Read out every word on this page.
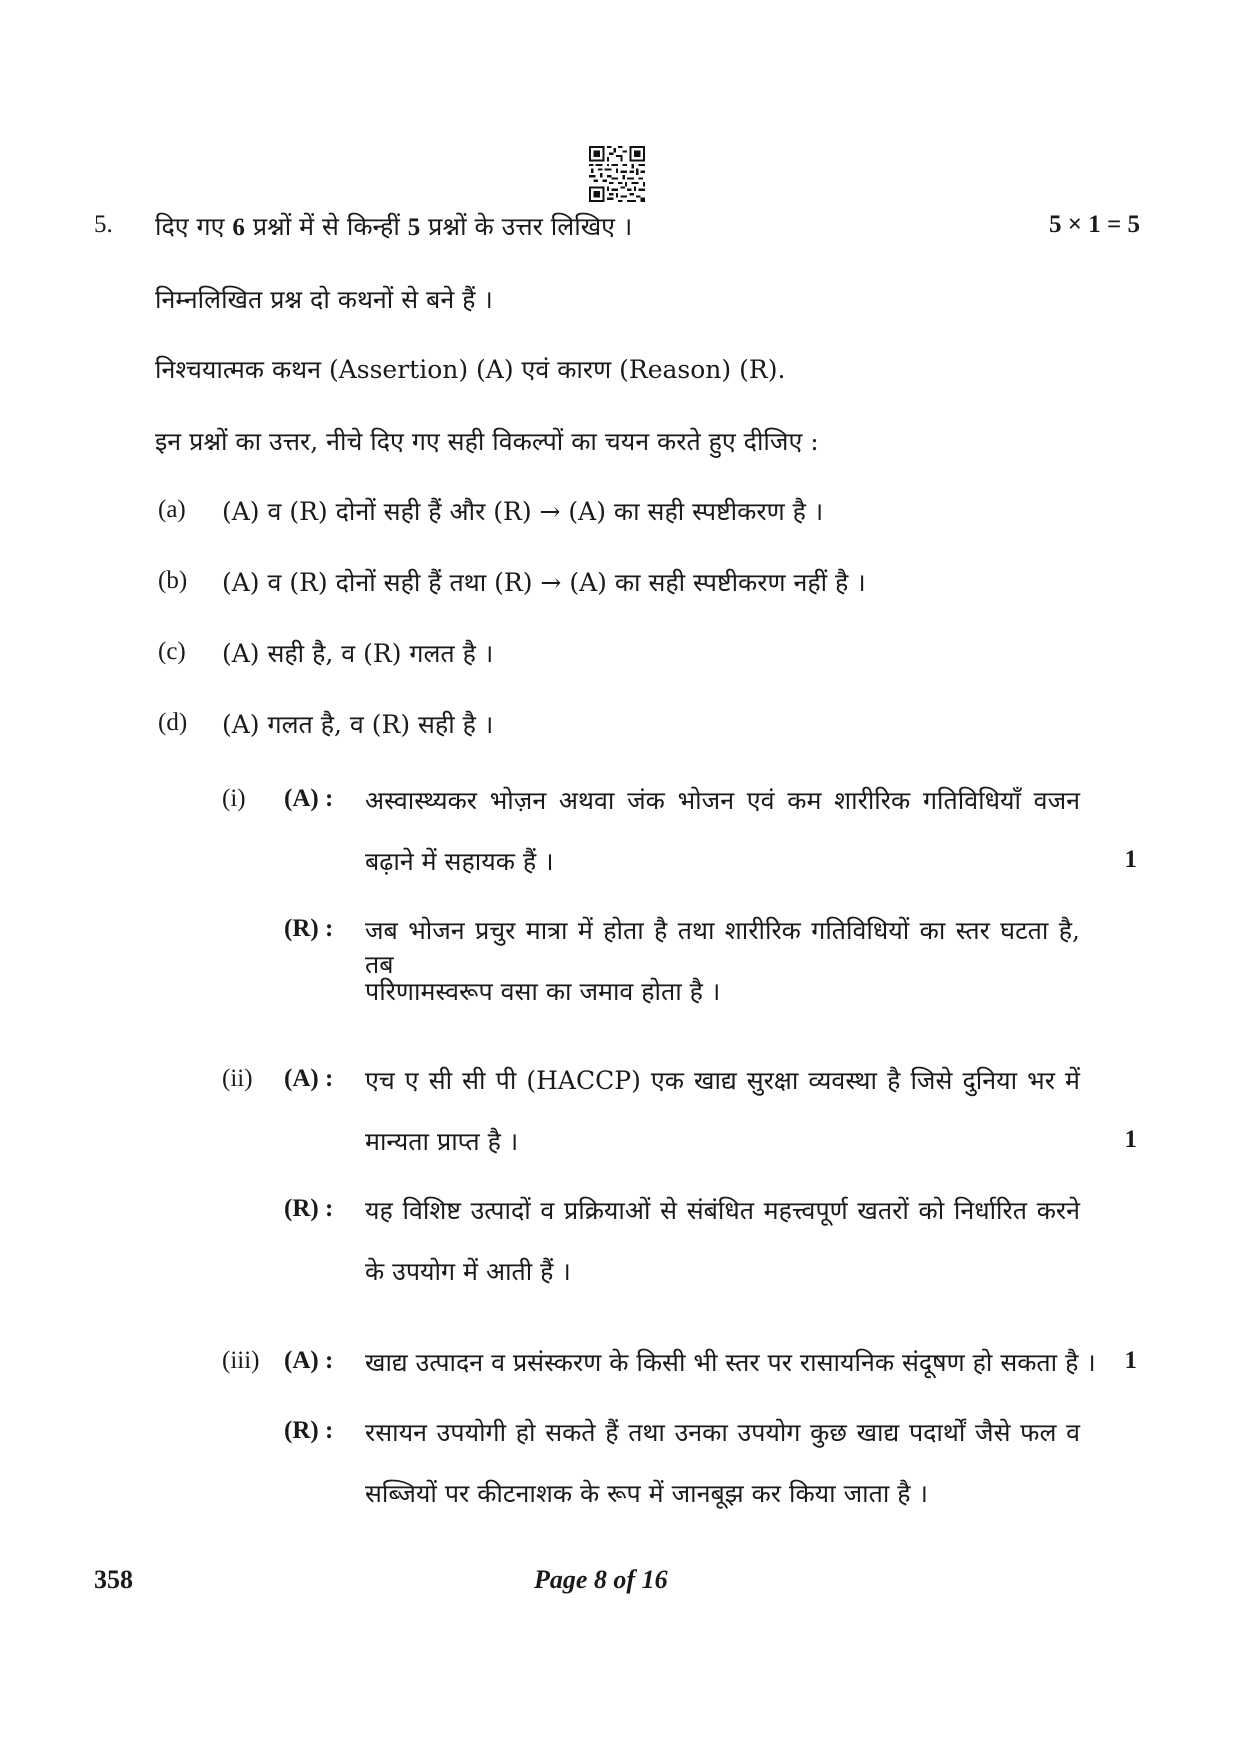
5. दिए गए 6 प्रश्नों में से किन्हीं 5 प्रश्नों के उत्तर लिखिए ।	5 × 1 = 5
निम्नलिखित प्रश्न दो कथनों से बने हैं ।
निश्चयात्मक कथन (Assertion) (A) एवं कारण (Reason) (R).
इन प्रश्नों का उत्तर, नीचे दिए गए सही विकल्पों का चयन करते हुए दीजिए :
(a) (A) व (R) दोनों सही हैं और (R) → (A) का सही स्पष्टीकरण है ।
(b) (A) व (R) दोनों सही हैं तथा (R) → (A) का सही स्पष्टीकरण नहीं है ।
(c) (A) सही है, व (R) गलत है ।
(d) (A) गलत है, व (R) सही है ।
(i) (A) : अस्वास्थ्यकर भोज़न अथवा जंक भोजन एवं कम शारीरिक गतिविधियाँ वजन
बढ़ाने में सहायक हैं ।	1
(R) : जब भोजन प्रचुर मात्रा में होता है तथा शारीरिक गतिविधियों का स्तर घटता है, तब
परिणामस्वरूप वसा का जमाव होता है ।
(ii) (A) : एच ए सी सी पी (HACCP) एक खाद्य सुरक्षा व्यवस्था है जिसे दुनिया भर में
मान्यता प्राप्त है ।	1
(R) : यह विशिष्ट उत्पादों व प्रक्रियाओं से संबंधित महत्त्वपूर्ण खतरों को निर्धारित करने
के उपयोग में आती हैं ।
(iii) (A) : खाद्य उत्पादन व प्रसंस्करण के किसी भी स्तर पर रासायनिक संदूषण हो सकता है । 1
(R) : रसायन उपयोगी हो सकते हैं तथा उनका उपयोग कुछ खाद्य पदार्थों जैसे फल व
सब्जियों पर कीटनाशक के रूप में जानबूझ कर किया जाता है ।
358	Page 8 of 16
